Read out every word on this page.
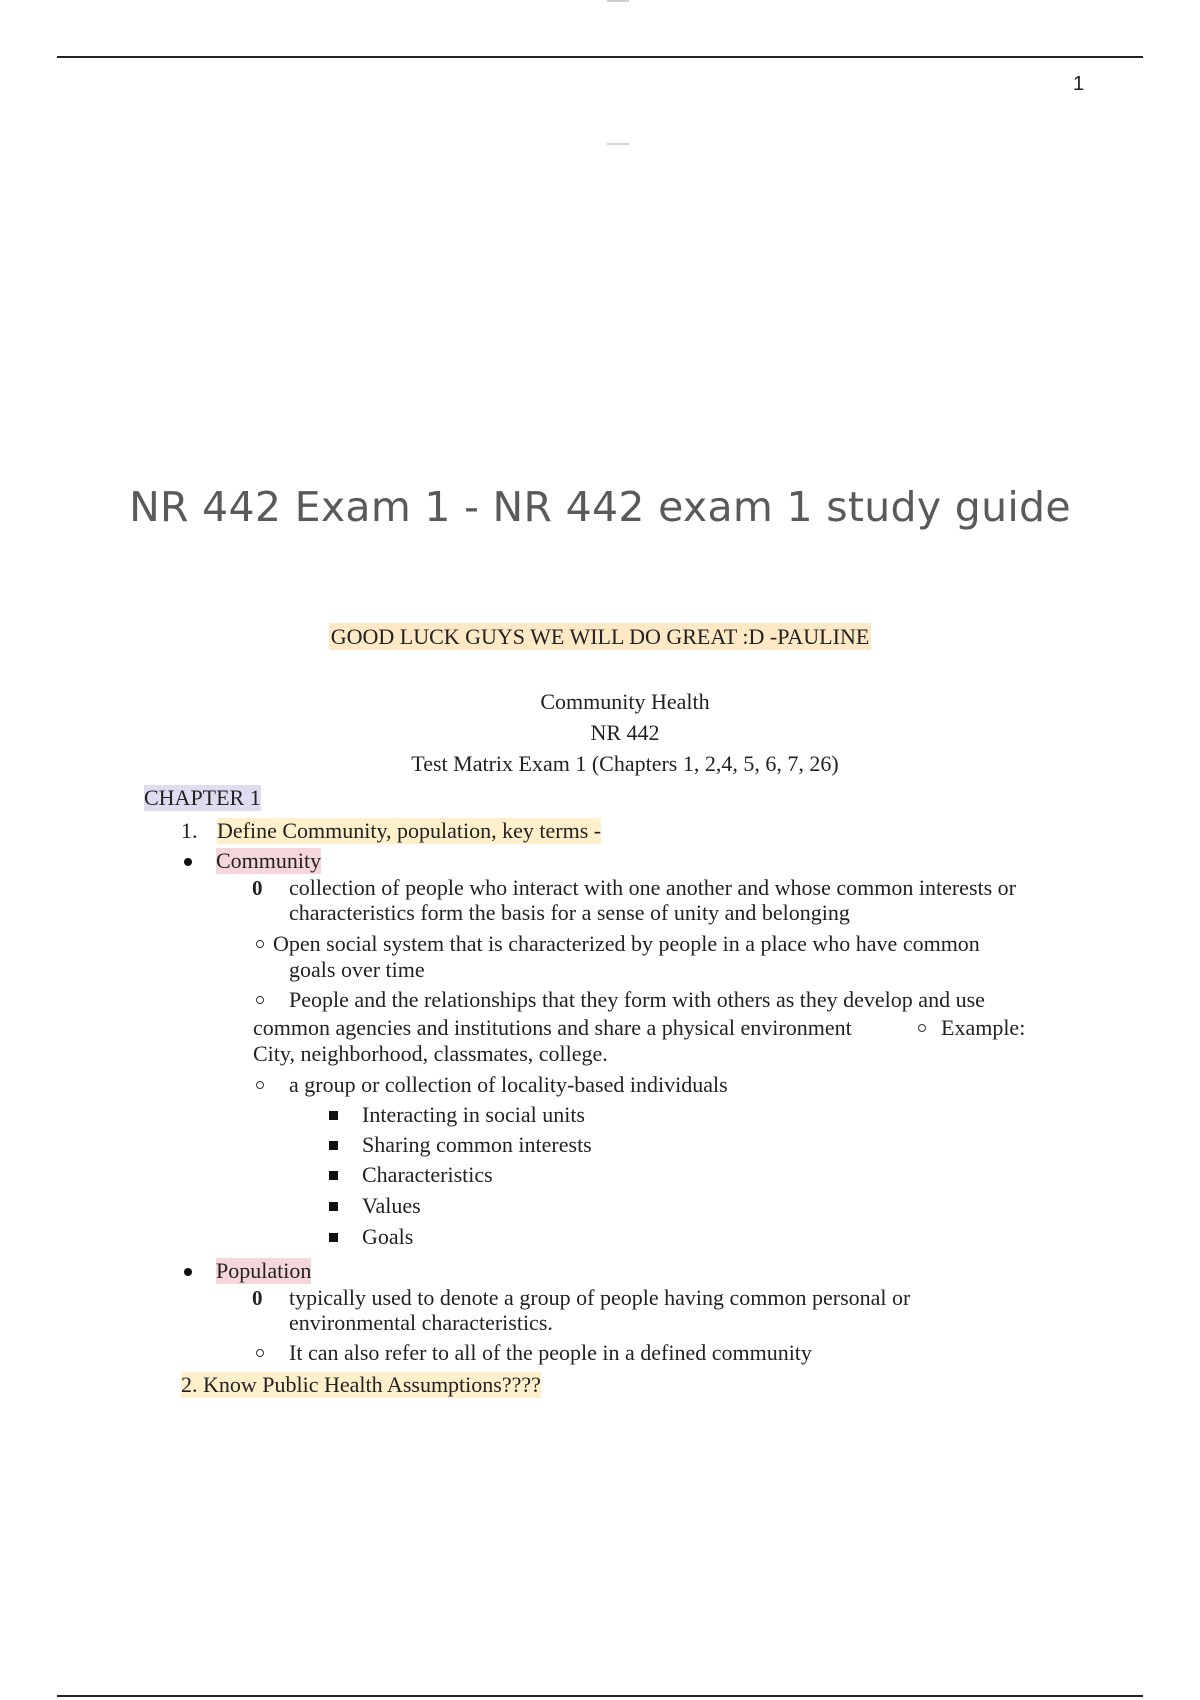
1
NR 442 Exam 1 - NR 442 exam 1 study guide
GOOD LUCK GUYS WE WILL DO GREAT :D -PAULINE
Community Health
NR 442
Test Matrix Exam 1 (Chapters 1, 2,4, 5, 6, 7, 26)
CHAPTER 1
1. Define Community, population, key terms -
Community
0 collection of people who interact with one another and whose common interests or
characteristics form the basis for a sense of unity and belonging
Open social system that is characterized by people in a place who have common
goals over time
People and the relationships that they form with others as they develop and use
common agencies and institutions and share a physical environment	Example:
City, neighborhood, classmates, college.
a group or collection of locality-based individuals
Interacting in social units
Sharing common interests
Characteristics
Values
Goals
Population
0 typically used to denote a group of people having common personal or
environmental characteristics.
It can also refer to all of the people in a defined community
2. Know Public Health Assumptions????
